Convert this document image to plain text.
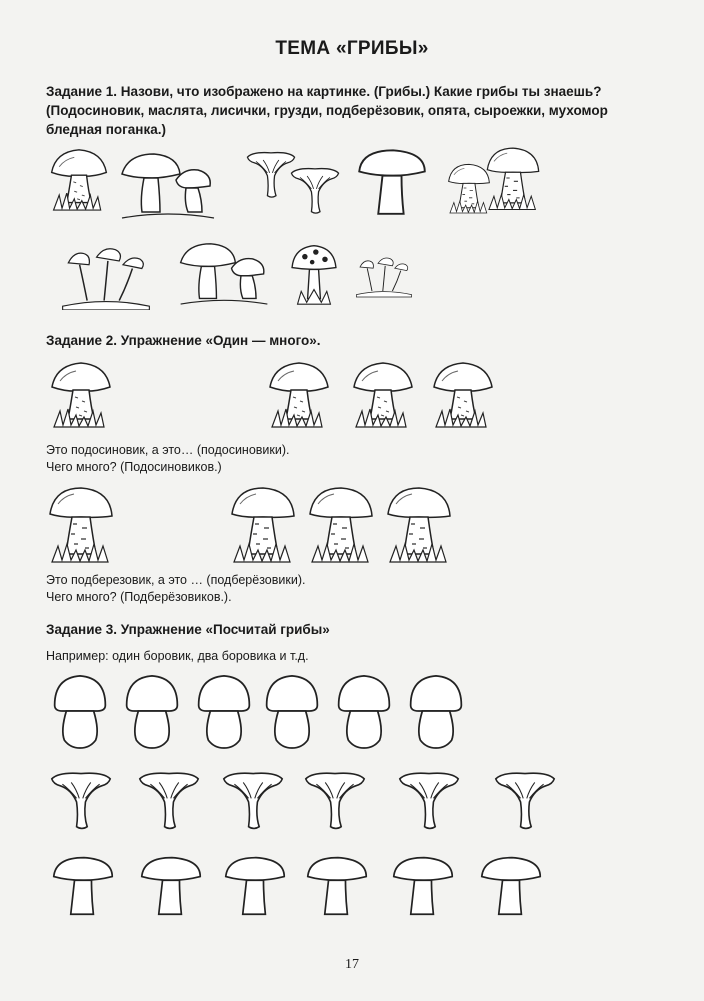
ТЕМА «ГРИБЫ»
Задание 1. Назови, что изображено на картинке. (Грибы.) Какие грибы ты знаешь? (Подосиновик, маслята, лисички, грузди, подберёзовик, опята, сыроежки, мухомор бледная поганка.)
Задание 2. Упражнение «Один — много».
Это подосиновик, а это… (подосиновики).
Чего много? (Подосиновиков.)
Это подберезовик, а это … (подберёзовики).
Чего много? (Подберёзовиков.).
Задание 3. Упражнение «Посчитай грибы»
Например: один боровик, два боровика и т.д.
17
